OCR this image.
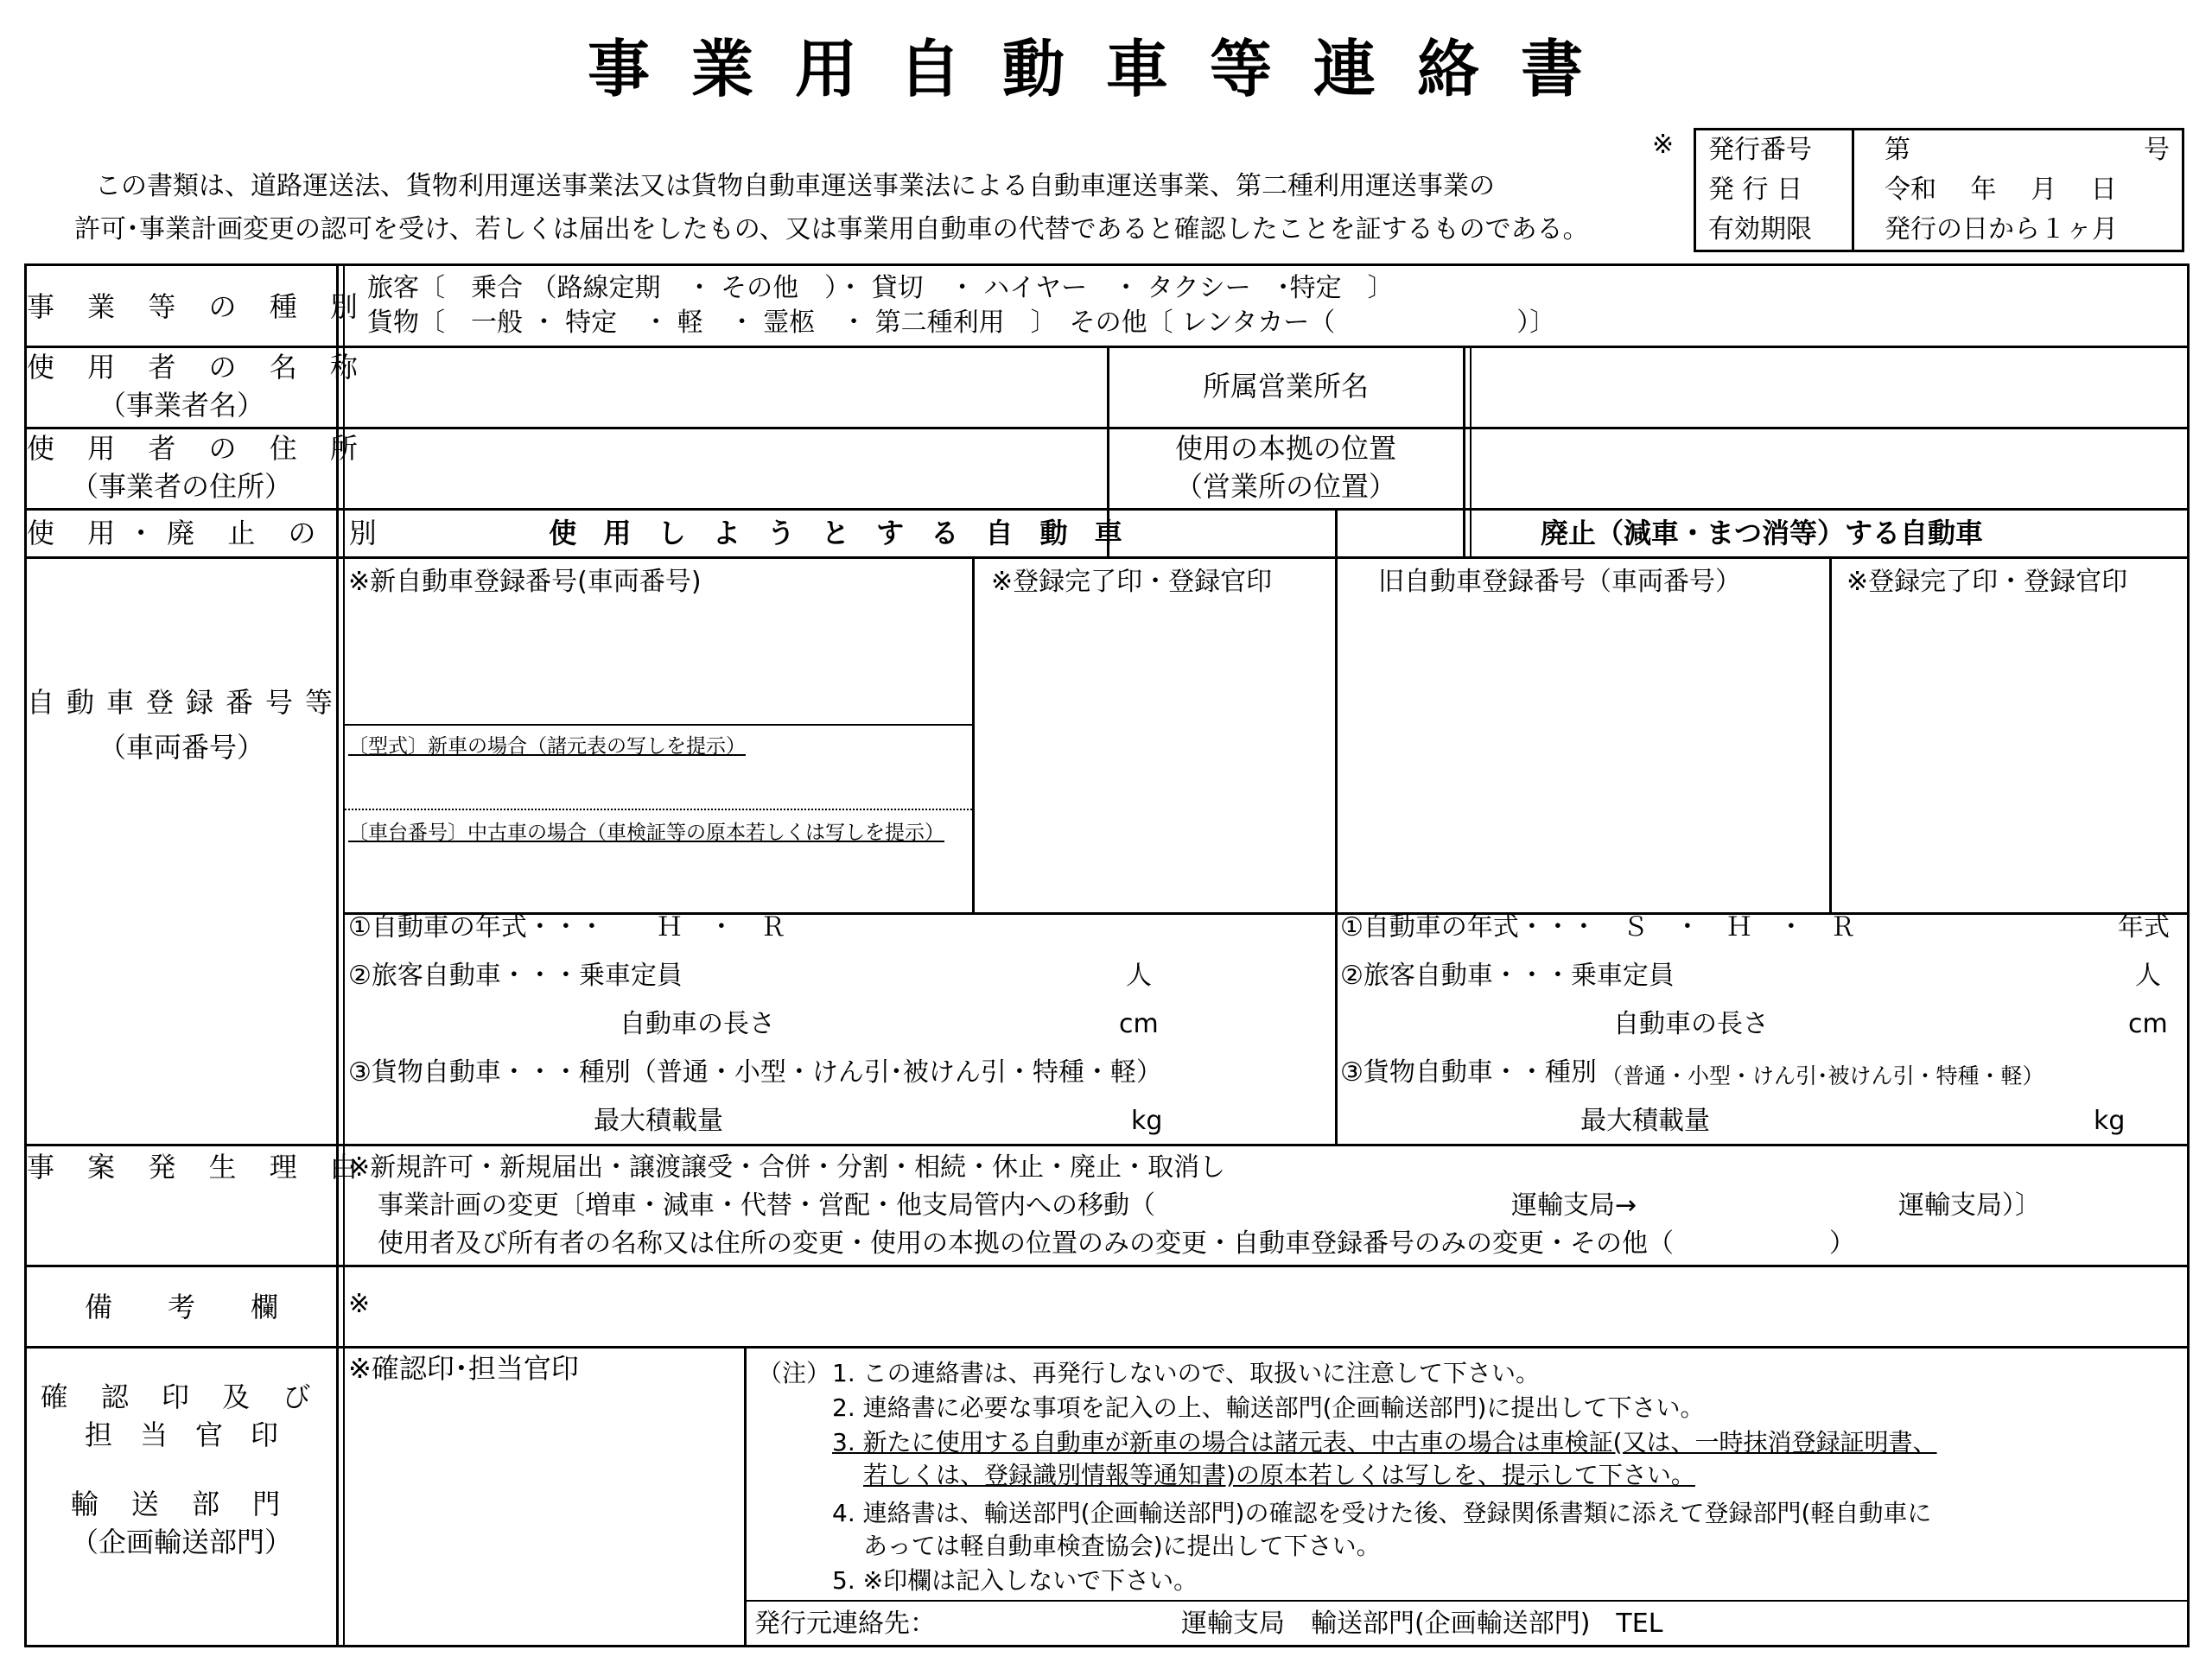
事業用自動車等連絡書
※
この書類は、道路運送法、貨物利用運送事業法又は貨物自動車運送事業法による自動車運送事業、第二種利用運送事業の
許可･事業計画変更の認可を受け、若しくは届出をしたもの、又は事業用自動車の代替であると確認したことを証するものである。
発行番号	第	号
発 行 日	令和　 年　 月　 日
有効期限	発行の日から１ヶ月
事 業 等 の 種 別
旅客〔　乗合 （路線定期　・ その他　）・ 貸切　・ ハイヤー　・ タクシー　･特定　〕
貨物〔　一般 ・ 特定　・ 軽　・ 霊柩　・ 第二種利用　〕　その他〔 レンタカー（　　　　　　　）〕
使 用 者 の 名 称
（事業者名）
所属営業所名
使 用 者 の 住 所
（事業者の住所）
使用の本拠の位置
（営業所の位置）
使 用・廃 止 の 別	使 用 し よ う と す る 自 動 車	廃止（減車・まつ消等）する自動車
自動車登録番号等
（車両番号）
※新自動車登録番号(車両番号)	※登録完了印・登録官印	旧自動車登録番号（車両番号）	※登録完了印・登録官印
〔型式〕新車の場合（諸元表の写しを提示）
〔車台番号〕中古車の場合（車検証等の原本若しくは写しを提示）
①自動車の年式・・・　　Ｈ　・　Ｒ
②旅客自動車・・・乗車定員	人
自動車の長さ	cm
③貨物自動車・・・種別（普通・小型・けん引･被けん引・特種・軽）
最大積載量	kg
①自動車の年式・・・　Ｓ　・　Ｈ　・　Ｒ	年式
②旅客自動車・・・乗車定員	人
自動車の長さ	cm
③貨物自動車・・種別 （普通・小型・けん引･被けん引・特種・軽）
最大積載量	kg
事 案 発 生 理 由
※新規許可・新規届出・譲渡譲受・合併・分割・相続・休止・廃止・取消し
事業計画の変更〔増車・減車・代替・営配・他支局管内への移動（	運輸支局→	運輸支局）〕
使用者及び所有者の名称又は住所の変更・使用の本拠の位置のみの変更・自動車登録番号のみの変更・その他（　　　　　　）
備　　考　　欄	※
確 認 印 及 び
担　当　官　印
輸 送 部 門
（企画輸送部門）
※確認印･担当官印	（注） 1. この連絡書は、再発行しないので、取扱いに注意して下さい。
2. 連絡書に必要な事項を記入の上、輸送部門(企画輸送部門)に提出して下さい。
3. 新たに使用する自動車が新車の場合は諸元表、中古車の場合は車検証(又は、一時抹消登録証明書、
若しくは、登録識別情報等通知書)の原本若しくは写しを、提示して下さい。
4. 連絡書は、輸送部門(企画輸送部門)の確認を受けた後、登録関係書類に添えて登録部門(軽自動車に
あっては軽自動車検査協会)に提出して下さい。
5. ※印欄は記入しないで下さい。
発行元連絡先：	運輸支局　輸送部門(企画輸送部門)　TEL
